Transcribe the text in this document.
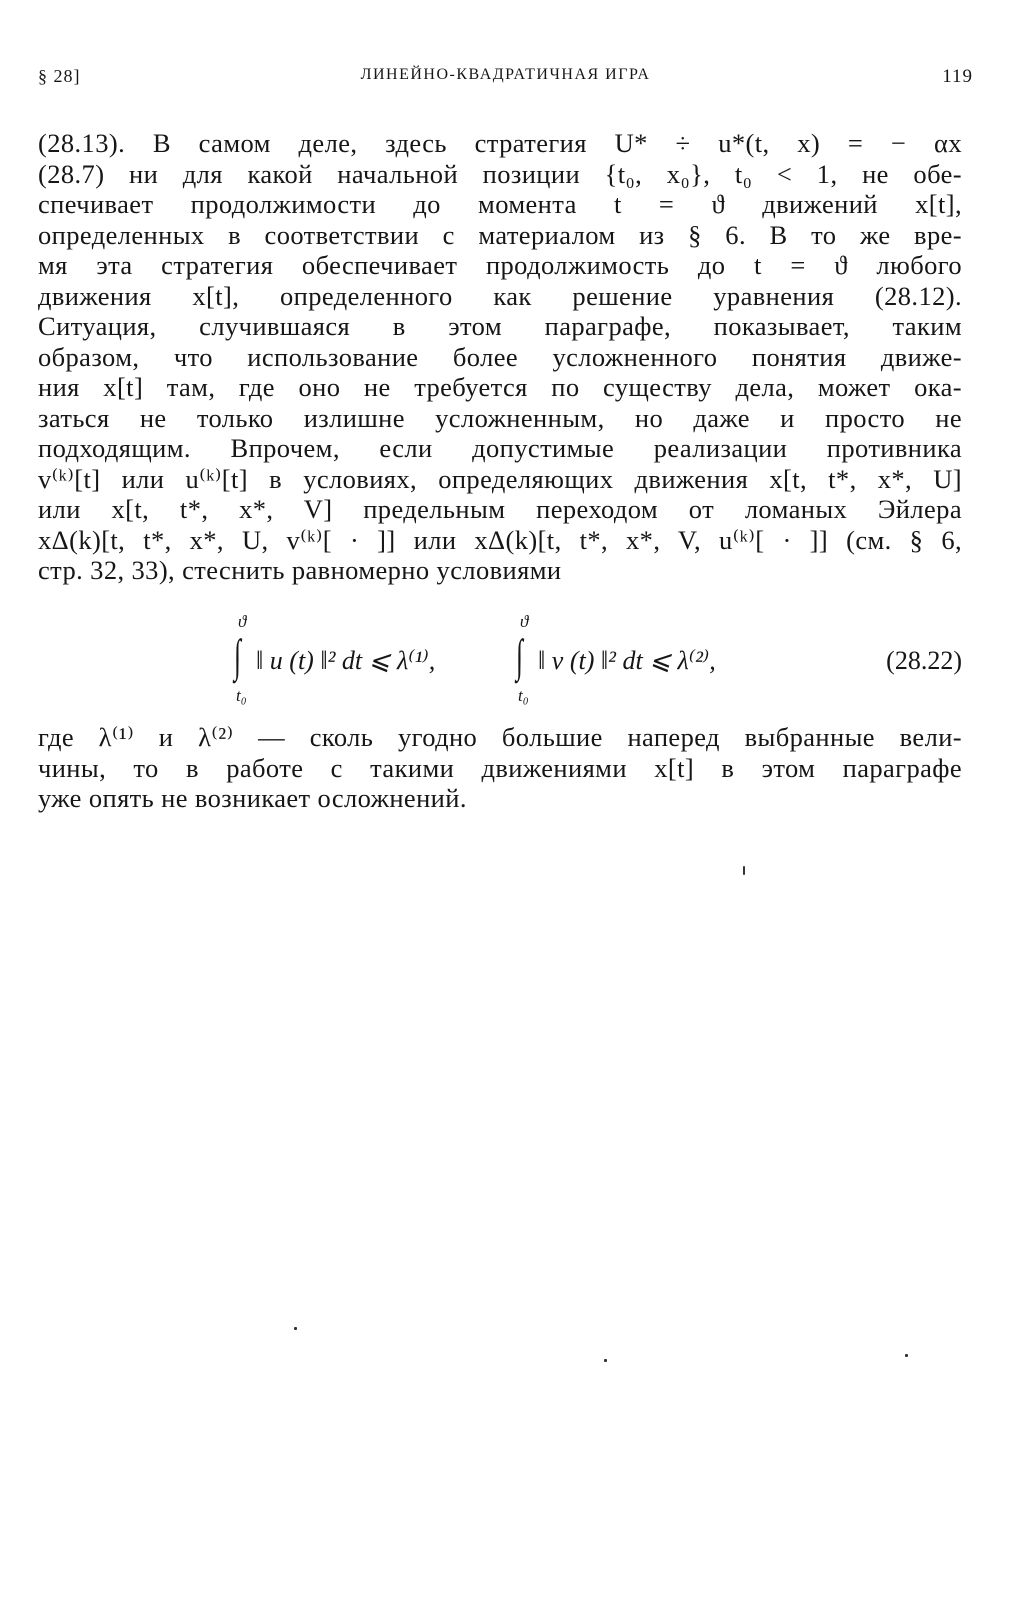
§ 28]	ЛИНЕЙНО-КВАДРАТИЧНАЯ ИГРА	119
(28.13). В самом деле, здесь стратегия U* ÷ u*(t, x) = − αx
(28.7) ни для какой начальной позиции {t₀, x₀}, t₀ < 1, не обе-
спечивает продолжимости до момента t = ϑ движений x[t],
определенных в соответствии с материалом из § 6. В то же вре-
мя эта стратегия обеспечивает продолжимость до t = ϑ любого
движения x[t], определенного как решение уравнения (28.12).
Ситуация, случившаяся в этом параграфе, показывает, таким
образом, что использование более усложненного понятия движе-
ния x[t] там, где оно не требуется по существу дела, может ока-
заться не только излишне усложненным, но даже и просто не
подходящим. Впрочем, если допустимые реализации противника
v⁽ᵏ⁾[t] или u⁽ᵏ⁾[t] в условиях, определяющих движения x[t, t*, x*, U]
или x[t, t*, x*, V] предельным переходом от ломаных Эйлера
xΔ(k)[t, t*, x*, U, v⁽ᵏ⁾[ · ]] или xΔ(k)[t, t*, x*, V, u⁽ᵏ⁾[ · ]] (см. § 6,
стр. 32, 33), стеснить равномерно условиями
ϑ
∫
t₀
‖ u (t) ‖² dt ⩽ λ⁽¹⁾,
ϑ
∫
t₀
‖ v (t) ‖² dt ⩽ λ⁽²⁾,	(28.22)
где λ⁽¹⁾ и λ⁽²⁾ — сколь угодно большие наперед выбранные вели-
чины, то в работе с такими движениями x[t] в этом параграфе
уже опять не возникает осложнений.
